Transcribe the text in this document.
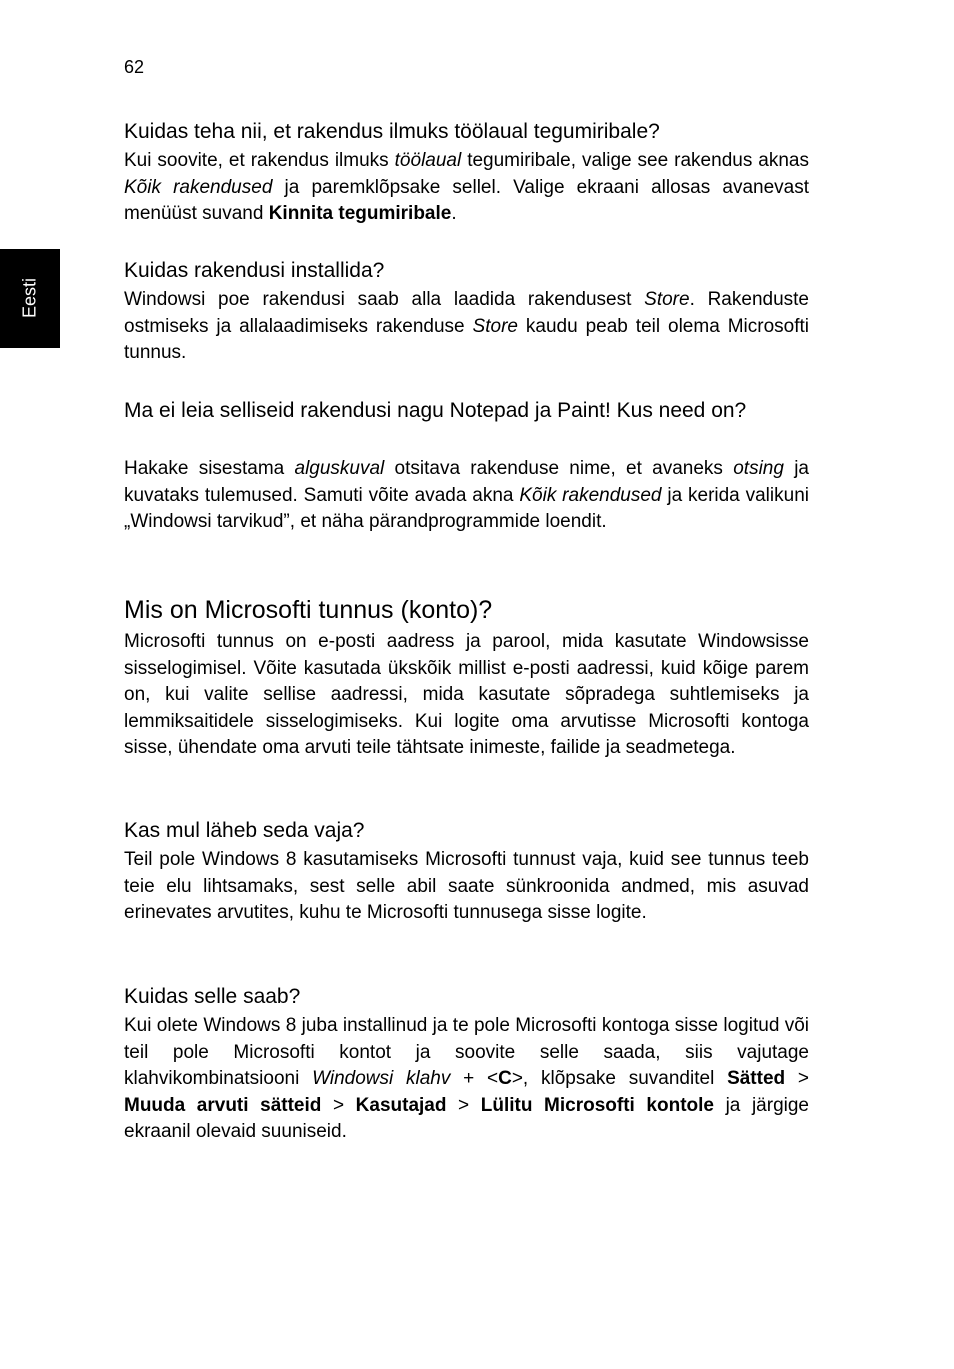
62
Eesti
Kuidas teha nii, et rakendus ilmuks töölaual tegumiribale?

Kui soovite, et rakendus ilmuks töölaual tegumiribale, valige see rakendus aknas Kõik rakendused ja paremklõpsake sellel. Valige ekraani allosas avanevast menüüst suvand Kinnita tegumiribale.

Kuidas rakendusi installida?

Windowsi poe rakendusi saab alla laadida rakendusest Store. Rakenduste ostmiseks ja allalaadimiseks rakenduse Store kaudu peab teil olema Microsofti tunnus.

Ma ei leia selliseid rakendusi nagu Notepad ja Paint! Kus need on?

Hakake sisestama alguskuval otsitava rakenduse nime, et avaneks otsing ja kuvataks tulemused. Samuti võite avada akna Kõik rakendused ja kerida valikuni „Windowsi tarvikud”, et näha pärandprogrammide loendit.

Mis on Microsofti tunnus (konto)?

Microsofti tunnus on e-posti aadress ja parool, mida kasutate Windowsisse sisselogimisel. Võite kasutada ükskõik millist e-posti aadressi, kuid kõige parem on, kui valite sellise aadressi, mida kasutate sõpradega suhtlemiseks ja lemmiksaitidele sisselogimiseks. Kui logite oma arvutisse Microsofti kontoga sisse, ühendate oma arvuti teile tähtsate inimeste, failide ja seadmetega.

Kas mul läheb seda vaja?

Teil pole Windows 8 kasutamiseks Microsofti tunnust vaja, kuid see tunnus teeb teie elu lihtsamaks, sest selle abil saate sünkroonida andmed, mis asuvad erinevates arvutites, kuhu te Microsofti tunnusega sisse logite.

Kuidas selle saab?

Kui olete Windows 8 juba installinud ja te pole Microsofti kontoga sisse logitud või teil pole Microsofti kontot ja soovite selle saada, siis vajutage klahvikombinatsiooni Windowsi klahv + <C>, klõpsake suvanditel Sätted > Muuda arvuti sätteid > Kasutajad > Lülitu Microsofti kontole ja järgige ekraanil olevaid suuniseid.
